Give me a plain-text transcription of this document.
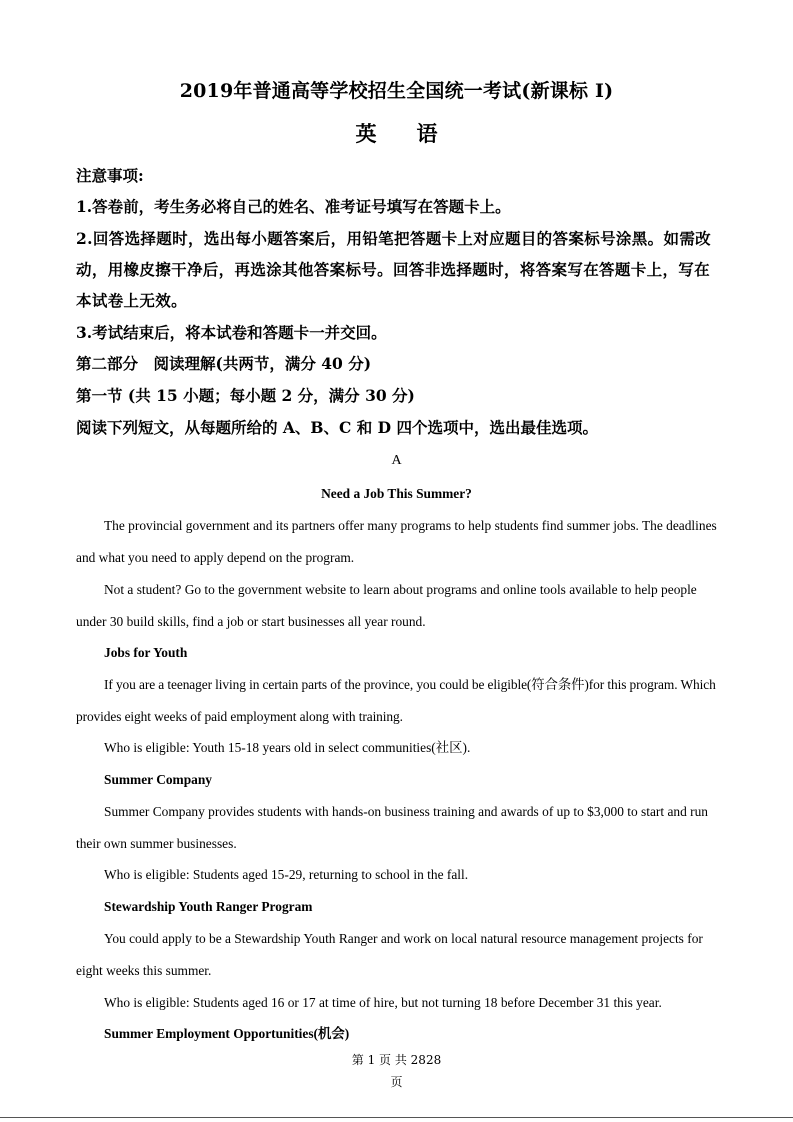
2019年普通高等学校招生全国统一考试(新课标 I)
英 语
注意事项:
1.答卷前，考生务必将自己的姓名、准考证号填写在答题卡上。
2.回答选择题时，选出每小题答案后，用铅笔把答题卡上对应题目的答案标号涂黑。如需改动，用橡皮擦干净后，再选涂其他答案标号。回答非选择题时，将答案写在答题卡上，写在本试卷上无效。
3.考试结束后，将本试卷和答题卡一并交回。
第二部分　阅读理解(共两节，满分 40 分)
第一节 (共 15 小题；每小题 2 分，满分 30 分)
阅读下列短文，从每题所给的 A、B、C 和 D 四个选项中，选出最佳选项。
A
Need a Job This Summer?
The provincial government and its partners offer many programs to help students find summer jobs. The deadlines and what you need to apply depend on the program.
Not a student? Go to the government website to learn about programs and online tools available to help people under 30 build skills, find a job or start businesses all year round.
Jobs for Youth
If you are a teenager living in certain parts of the province, you could be eligible(符合条件)for this program. Which provides eight weeks of paid employment along with training.
Who is eligible: Youth 15-18 years old in select communities(社区).
Summer Company
Summer Company provides students with hands-on business training and awards of up to $3,000 to start and run their own summer businesses.
Who is eligible: Students aged 15-29, returning to school in the fall.
Stewardship Youth Ranger Program
You could apply to be a Stewardship Youth Ranger and work on local natural resource management projects for eight weeks this summer.
Who is eligible: Students aged 16 or 17 at time of hire, but not turning 18 before December 31 this year.
Summer Employment Opportunities(机会)
第 1 页 共 2828
页
